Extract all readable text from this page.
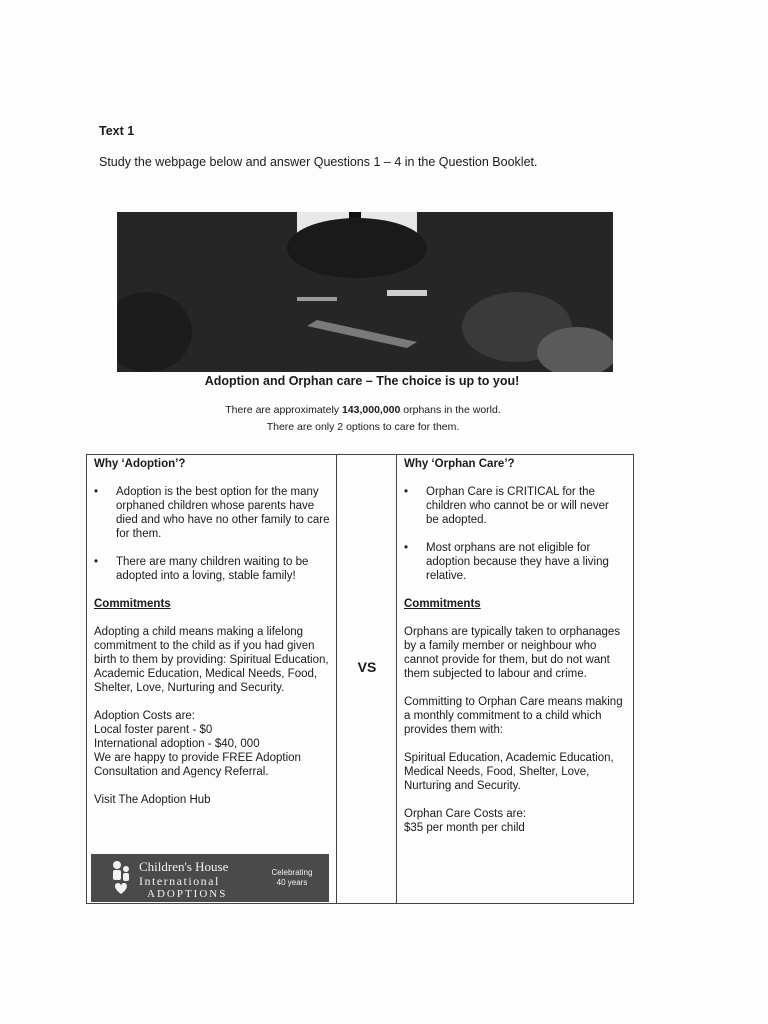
Text 1
Study the webpage below and answer Questions 1 – 4 in the Question Booklet.
Adoption and Orphan care – The choice is up to you!
There are approximately 143,000,000 orphans in the world.
There are only 2 options to care for them.
Why ‘Adoption’?
• Adoption is the best option for the many orphaned children whose parents have died and who have no other family to care for them.
• There are many children waiting to be adopted into a loving, stable family!
Commitments

Adopting a child means making a lifelong commitment to the child as if you had given birth to them by providing: Spiritual Education, Academic Education, Medical Needs, Food, Shelter, Love, Nurturing and Security.

Adoption Costs are:

Local foster parent - $0

International adoption - $40, 000

We are happy to provide FREE Adoption Consultation and Agency Referral.

Visit The Adoption Hub

VS
Why ‘Orphan Care’?
• Orphan Care is CRITICAL for the children who cannot be or will never be adopted.
• Most orphans are not eligible for adoption because they have a living relative.
Commitments

Orphans are typically taken to orphanages by a family member or neighbour who cannot provide for them, but do not want them subjected to labour and crime.

Committing to Orphan Care means making a monthly commitment to a child which provides them with:

Spiritual Education, Academic Education, Medical Needs, Food, Shelter, Love, Nurturing and Security.

Orphan Care Costs are:

$35 per month per child

Children's House
International
ADOPTIONS
Celebrating
40 years
